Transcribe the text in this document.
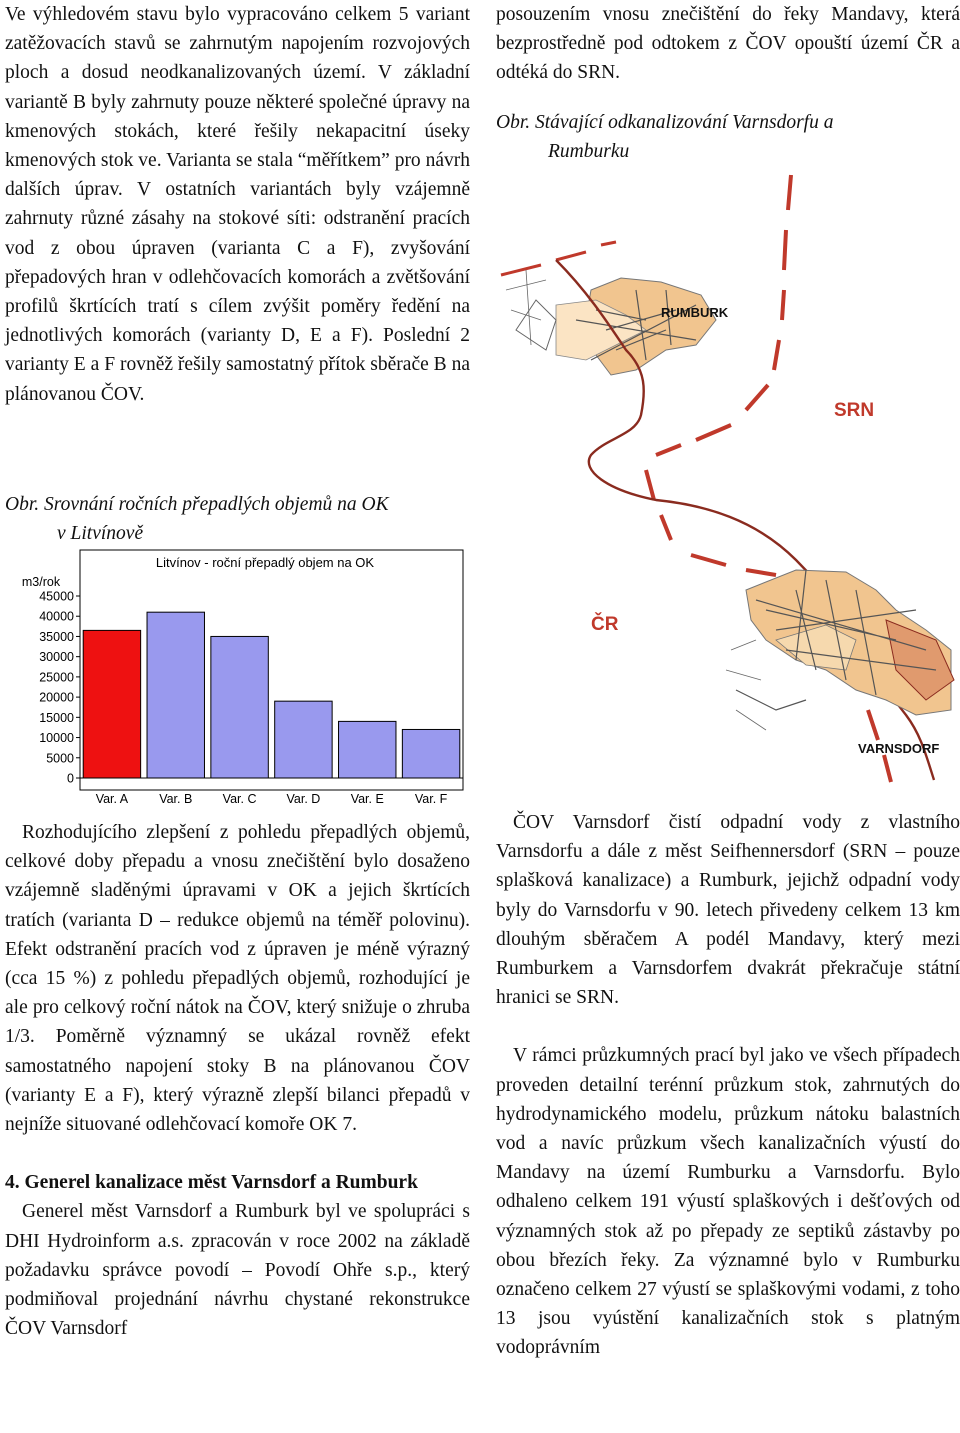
Ve výhledovém stavu bylo vypracováno celkem 5 variant zatěžovacích stavů se zahrnutým napojením rozvojových ploch a dosud neodkanalizovaných území. V základní variantě B byly zahrnuty pouze některé společné úpravy na kmenových stokách, které řešily nekapacitní úseky kmenových stok ve. Varianta se stala “měřítkem” pro návrh dalších úprav. V ostatních variantách byly vzájemně zahrnuty různé zásahy na stokové síti: odstranění pracích vod z obou úpraven (varianta C a F), zvyšování přepadových hran v odlehčovacích komorách a zvětšování profilů škrtících tratí s cílem zvýšit poměry ředění na jednotlivých komorách (varianty D, E a F). Poslední 2 varianty E a F rovněž řešily samostatný přítok sběrače B na plánovanou ČOV.

Obr. Srovnání ročních přepadlých objemů na OK
v Litvínově

Litvínov - roční přepadlý objem na OK
m3/rok
45000
40000
35000
30000
25000
20000
15000
10000
5000
0
Var. A Var. B Var. C Var. D Var. E Var. F

Rozhodujícího zlepšení z pohledu přepadlých objemů, celkové doby přepadu a vnosu znečištění bylo dosaženo vzájemně sladěnými úpravami v OK a jejich škrtících tratích (varianta D – redukce objemů na téměř polovinu). Efekt odstranění pracích vod z úpraven je méně výrazný (cca 15 %) z pohledu přepadlých objemů, rozhodující je ale pro celkový roční nátok na ČOV, který snižuje o zhruba 1/3. Poměrně významný se ukázal rovněž efekt samostatného napojení stoky B na plánovanou ČOV (varianty E a F), který výrazně zlepší bilanci přepadů v nejníže situované odlehčovací komoře OK 7.

4. Generel kanalizace měst Varnsdorf a Rumburk

Generel měst Varnsdorf a Rumburk byl ve spolupráci s DHI Hydroinform a.s. zpracován v roce 2002 na základě požadavku správce povodí – Povodí Ohře s.p., který podmiňoval projednání návrhu chystané rekonstrukce ČOV Varnsdorf

posouzením vnosu znečištění do řeky Mandavy, která bezprostředně pod odtokem z ČOV opouští území ČR a odtéká do SRN.

Obr. Stávající odkanalizování Varnsdorfu a
Rumburku

RUMBURK
SRN
ČR
VARNSDORF

ČOV Varnsdorf čistí odpadní vody z vlastního Varnsdorfu a dále z měst Seifhennersdorf (SRN – pouze splašková kanalizace) a Rumburk, jejichž odpadní vody byly do Varnsdorfu v 90. letech přivedeny celkem 13 km dlouhým sběračem A podél Mandavy, který mezi Rumburkem a Varnsdorfem dvakrát překračuje státní hranici se SRN.

V rámci průzkumných prací byl jako ve všech případech proveden detailní terénní průzkum stok, zahrnutých do hydrodynamického modelu, průzkum nátoku balastních vod a navíc průzkum všech kanalizačních výustí do Mandavy na území Rumburku a Varnsdorfu. Bylo odhaleno celkem 191 výustí splaškových i dešťových od významných stok až po přepady ze septiků zástavby po obou březích řeky. Za významné bylo v Rumburku označeno celkem 27 výustí se splaškovými vodami, z toho 13 jsou vyústění kanalizačních stok s platným vodoprávním
